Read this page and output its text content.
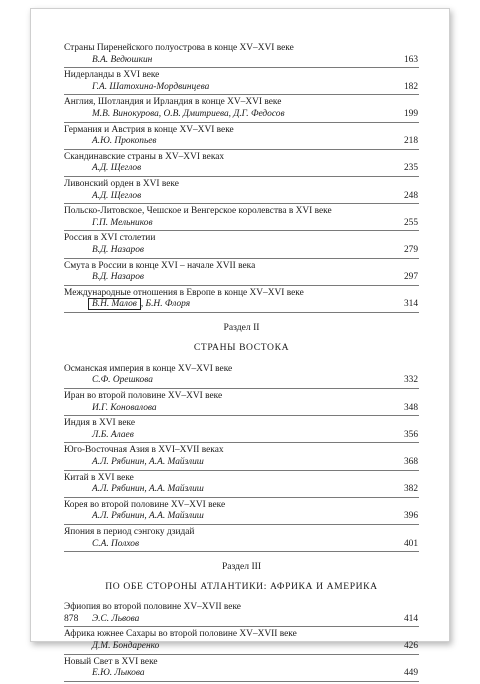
Страны Пиренейского полуострова в конце XV–XVI веке
В.А. Ведюшкин	163
Нидерланды в XVI веке
Г.А. Шатохина-Мордвинцева	182
Англия, Шотландия и Ирландия в конце XV–XVI веке
М.В. Винокурова, О.В. Дмитриева, Д.Г. Федосов	199
Германия и Австрия в конце XV–XVI веке
А.Ю. Прокопьев	218
Скандинавские страны в XV–XVI веках
А.Д. Щеглов	235
Ливонский орден в XVI веке
А.Д. Щеглов	248
Польско-Литовское, Чешское и Венгерское королевства в XVI веке
Г.П. Мельников	255
Россия в XVI столетии
В.Д. Назаров	279
Смута в России в конце XVI – начале XVII века
В.Д. Назаров	297
Международные отношения в Европе в конце XV–XVI веке
В.Н. Малов , Б.Н. Флоря	314
Раздел II
СТРАНЫ ВОСТОКА
Османская империя в конце XV–XVI веке
С.Ф. Орешкова	332
Иран во второй половине XV–XVI веке
И.Г. Коновалова	348
Индия в XVI веке
Л.Б. Алаев	356
Юго-Восточная Азия в XVI–XVII веках
А.Л. Рябинин, А.А. Майзлиш	368
Китай в XVI веке
А.Л. Рябинин, А.А. Майзлиш	382
Корея во второй половине XV–XVI веке
А.Л. Рябинин, А.А. Майзлиш	396
Япония в период сэнгоку дзидай
С.А. Полхов	401
Раздел III
ПО ОБЕ СТОРОНЫ АТЛАНТИКИ: АФРИКА И АМЕРИКА
Эфиопия во второй половине XV–XVII веке
Э.С. Львова	414
Африка южнее Сахары во второй половине XV–XVII веке
Д.М. Бондаренко	426
Новый Свет в XVI веке
Е.Ю. Лыкова	449
878
